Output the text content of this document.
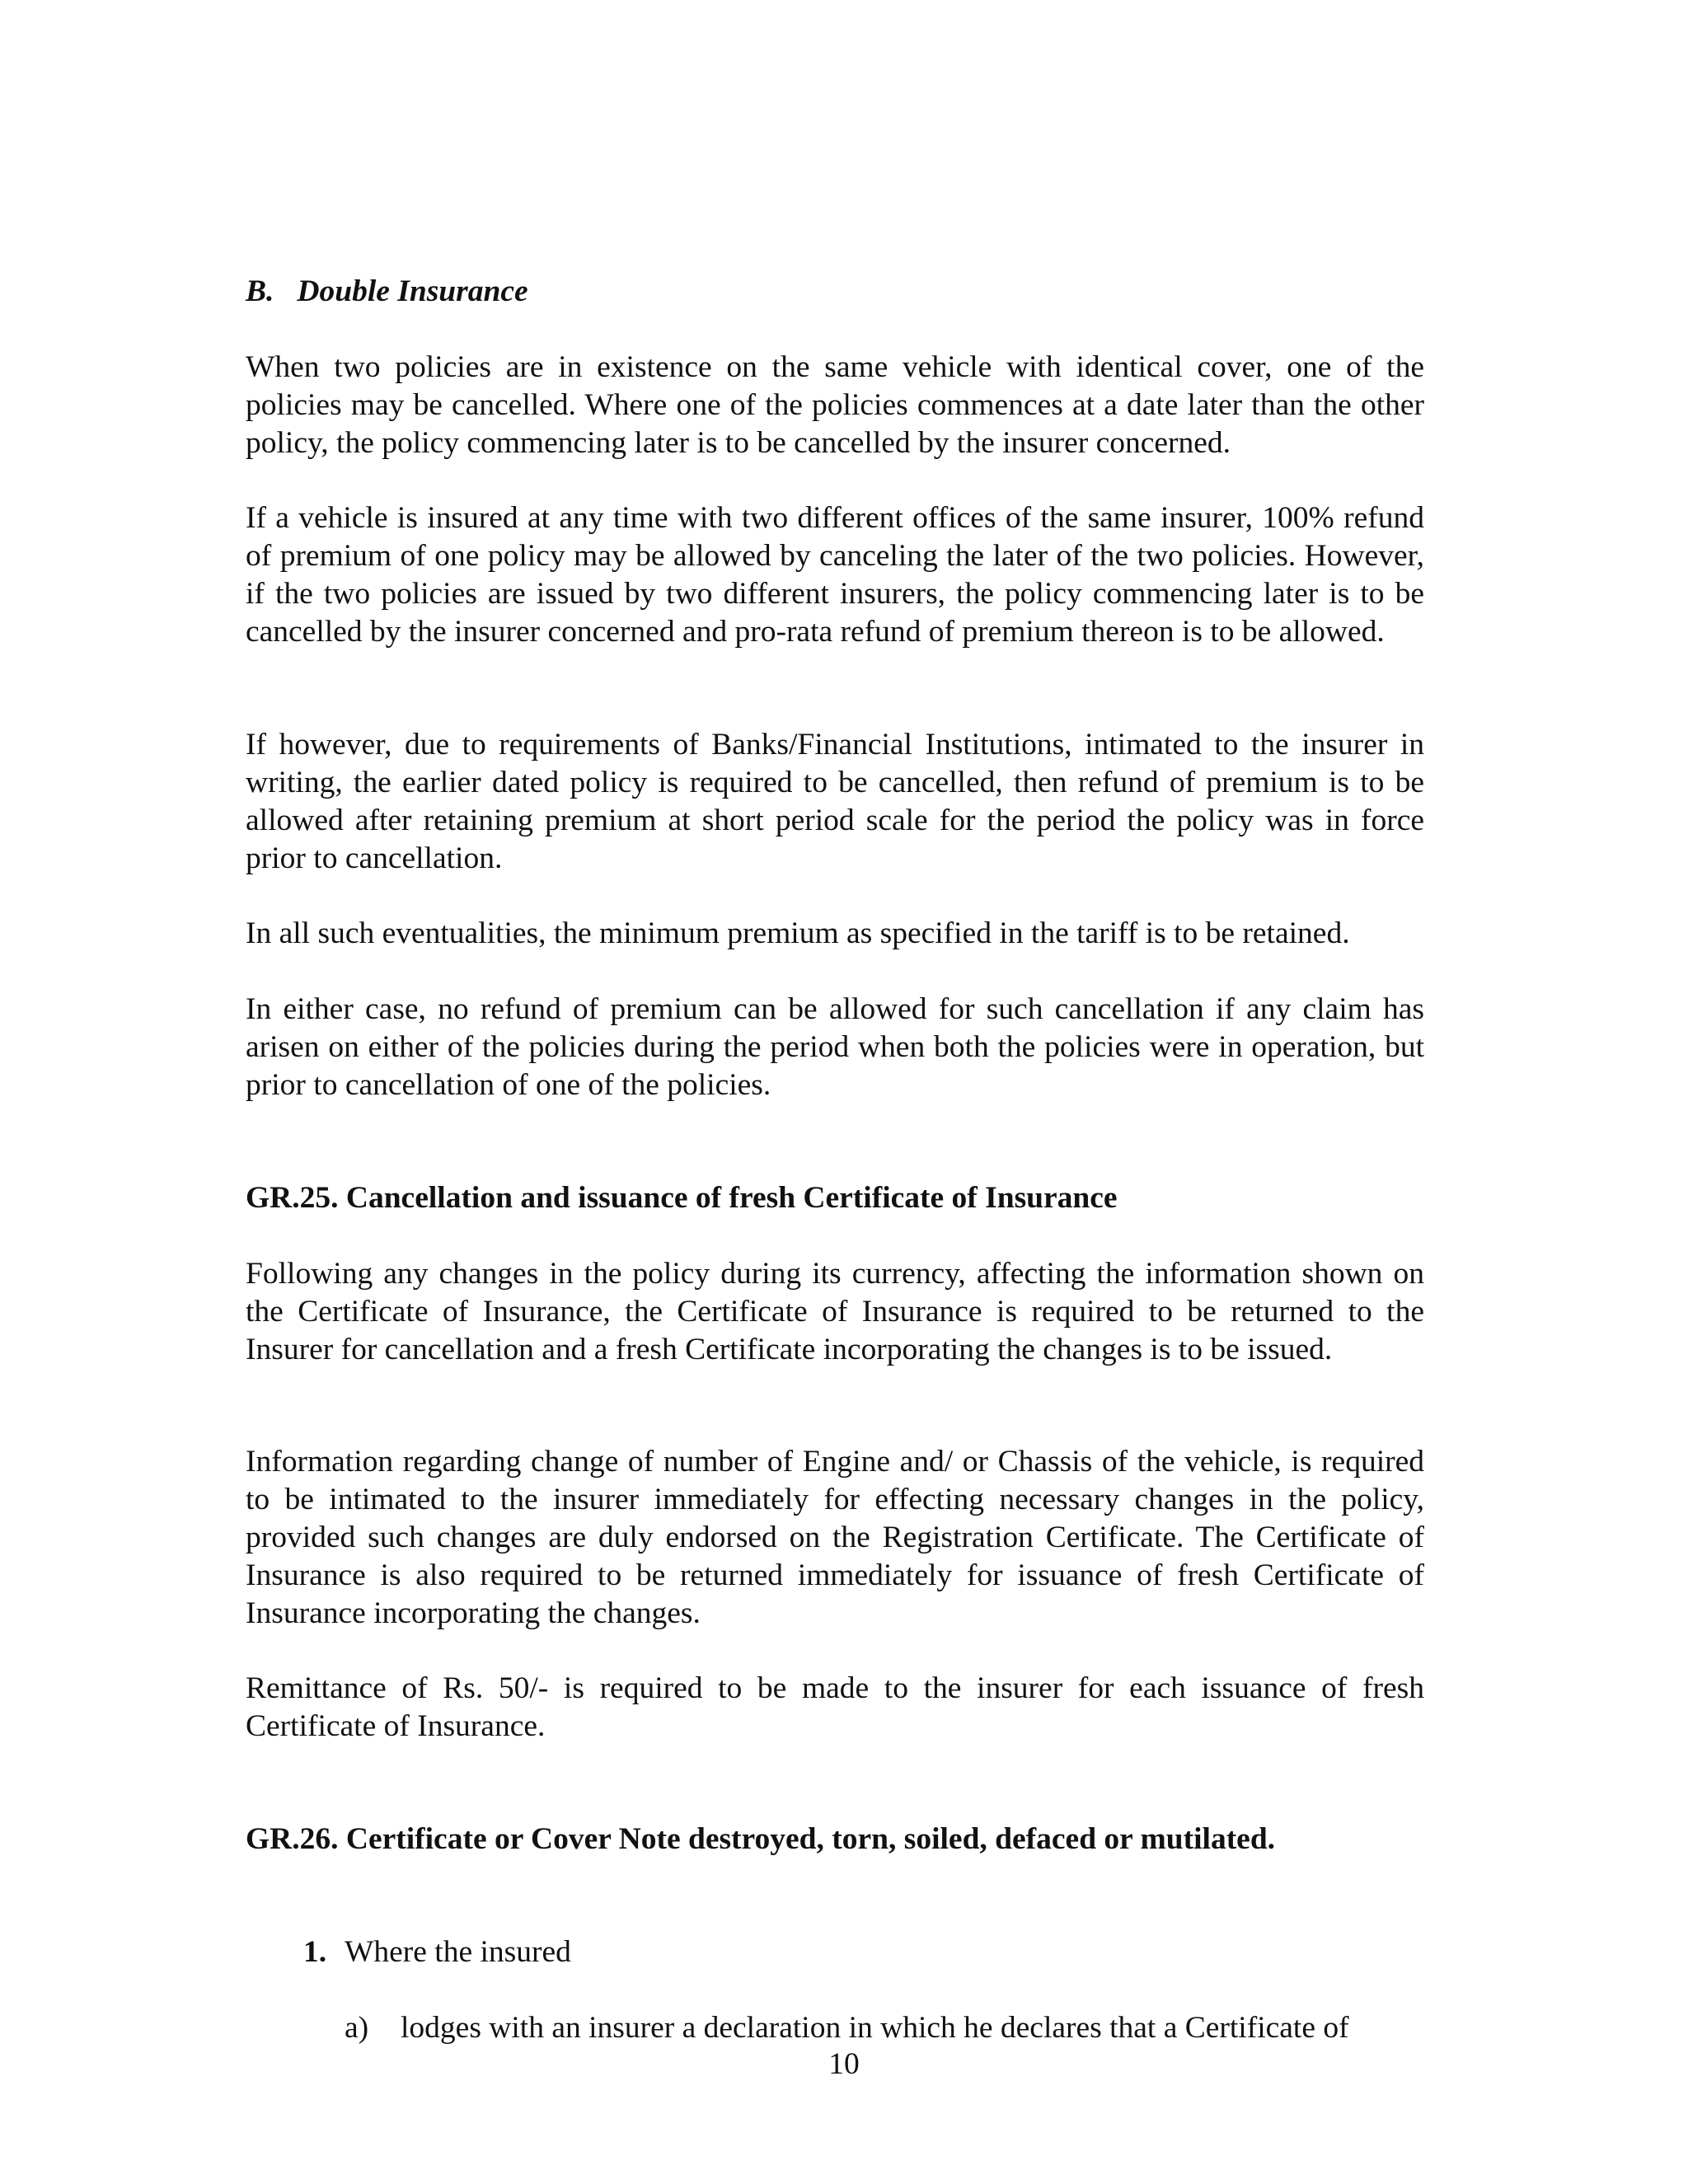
B. Double Insurance
When two policies are in existence on the same vehicle with identical cover, one of the policies may be cancelled. Where one of the policies commences at a date later than the other policy, the policy commencing later is to be cancelled by the insurer concerned.
If a vehicle is insured at any time with two different offices of the same insurer, 100% refund of premium of one policy may be allowed by canceling the later of the two policies. However, if the two policies are issued by two different insurers, the policy commencing later is to be cancelled by the insurer concerned and pro-rata refund of premium thereon is to be allowed.
If however, due to requirements of Banks/Financial Institutions, intimated to the insurer in writing, the earlier dated policy is required to be cancelled, then refund of premium is to be allowed after retaining premium at short period scale for the period the policy was in force prior to cancellation.
In all such eventualities, the minimum premium as specified in the tariff is to be retained.
In either case, no refund of premium can be allowed for such cancellation if any claim has arisen on either of the policies during the period when both the policies were in operation, but prior to cancellation of one of the policies.
GR.25. Cancellation and issuance of fresh Certificate of Insurance
Following any changes in the policy during its currency, affecting the information shown on the Certificate of Insurance, the Certificate of Insurance is required to be returned to the Insurer for cancellation and a fresh Certificate incorporating the changes is to be issued.
Information regarding change of number of Engine and/ or Chassis of the vehicle, is required to be intimated to the insurer immediately for effecting necessary changes in the policy, provided such changes are duly endorsed on the Registration Certificate. The Certificate of Insurance is also required to be returned immediately for issuance of fresh Certificate of Insurance incorporating the changes.
Remittance of Rs. 50/- is required to be made to the insurer for each issuance of fresh Certificate of Insurance.
GR.26. Certificate or Cover Note destroyed, torn, soiled, defaced or mutilated.
1. Where the insured
a) lodges with an insurer a declaration in which he declares that a Certificate of
10
